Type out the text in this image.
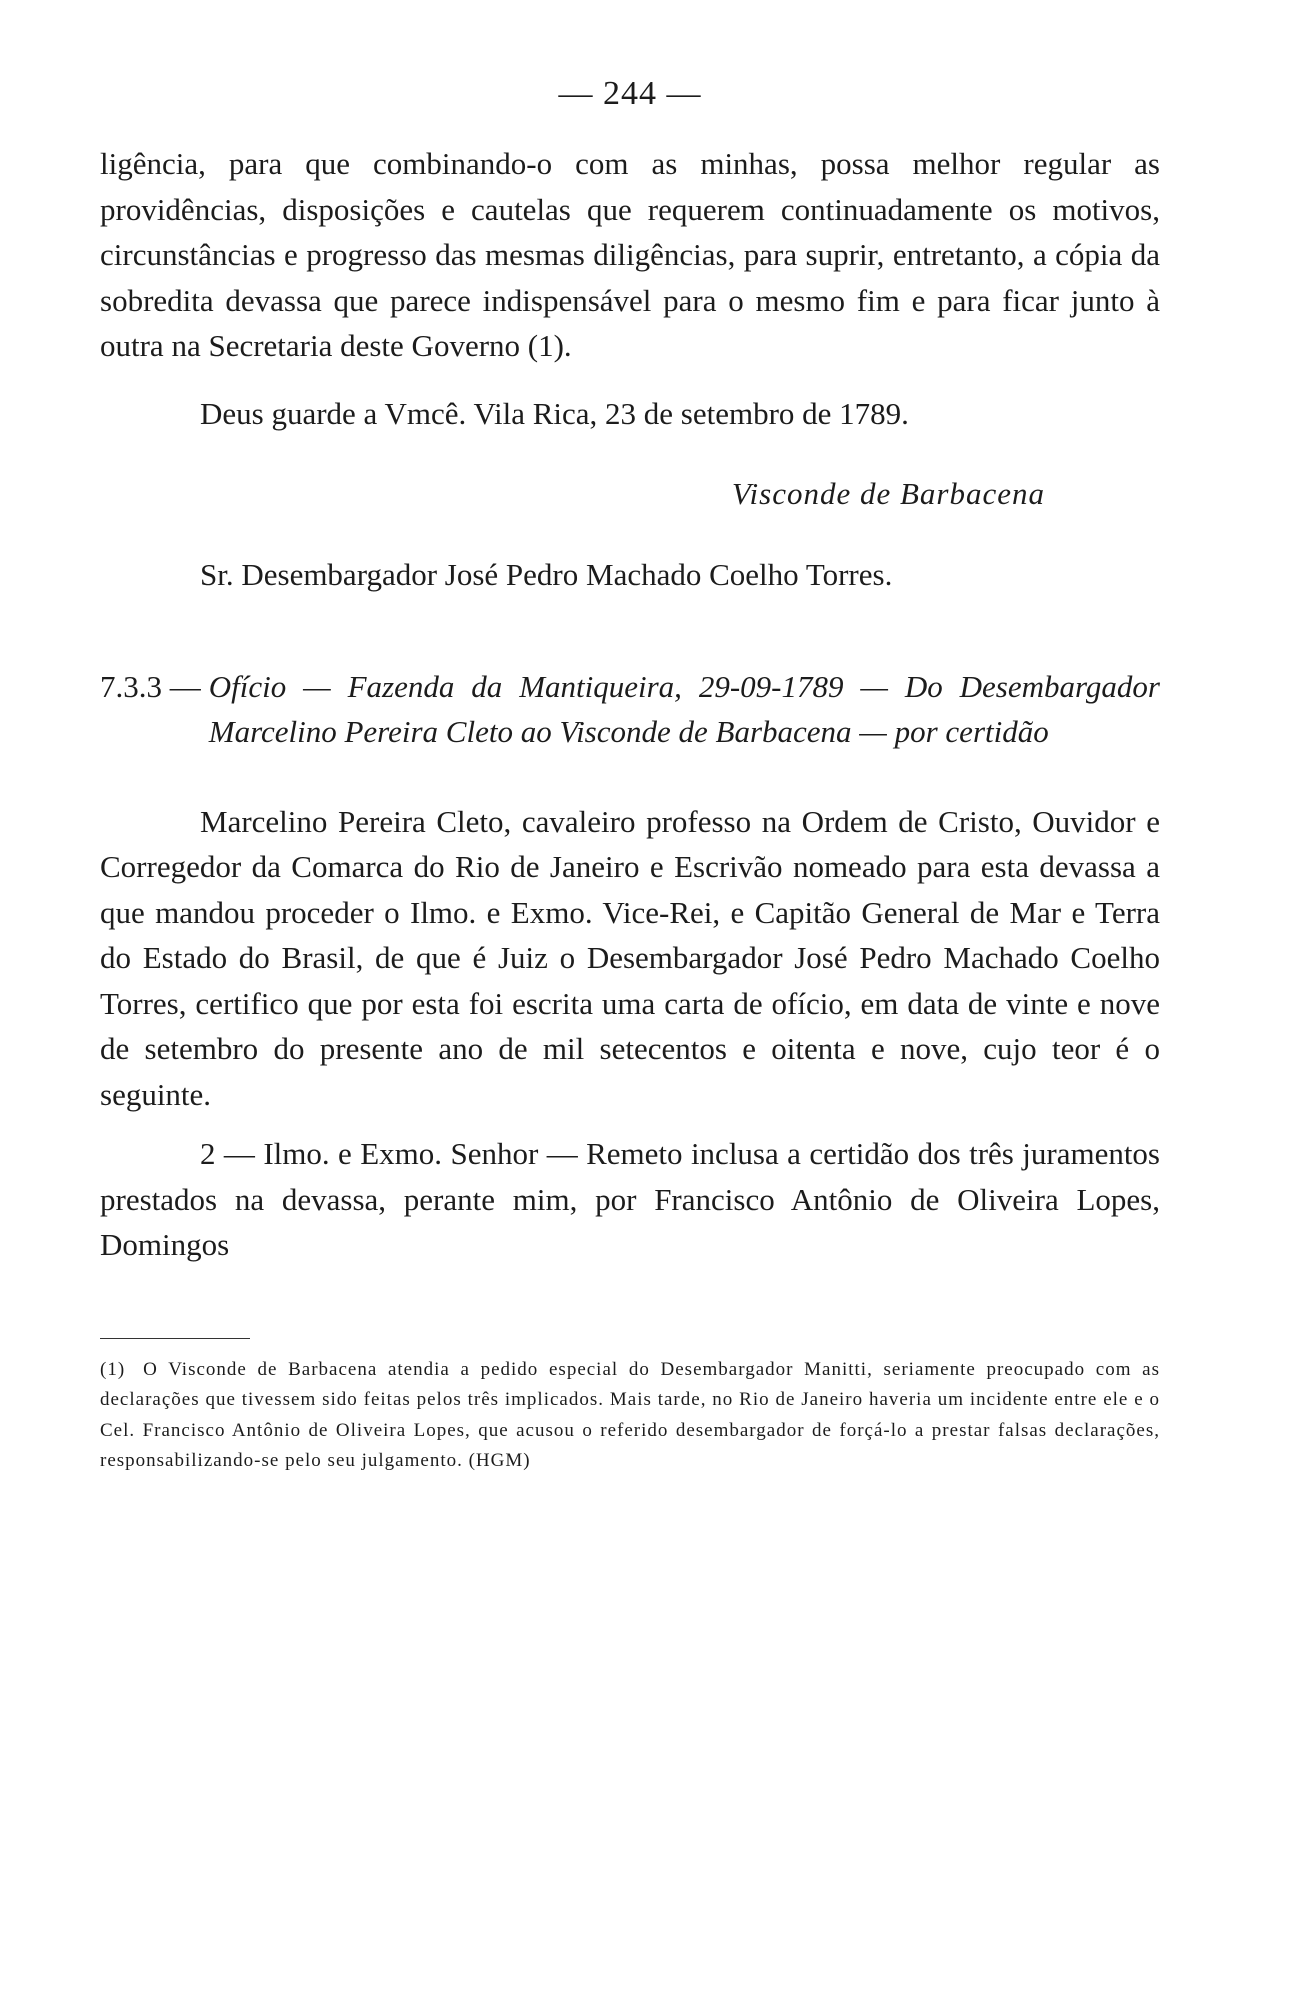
— 244 —

ligência, para que combinando-o com as minhas, possa melhor regular as providências, disposições e cautelas que requerem continuadamente os motivos, circunstâncias e progresso das mesmas diligências, para suprir, entretanto, a cópia da sobredita devassa que parece indispensável para o mesmo fim e para ficar junto à outra na Secretaria deste Governo (1).

Deus guarde a Vmcê. Vila Rica, 23 de setembro de 1789.

Visconde de Barbacena

Sr. Desembargador José Pedro Machado Coelho Torres.

7.3.3 — Ofício — Fazenda da Mantiqueira, 29-09-1789 — Do Desembargador Marcelino Pereira Cleto ao Visconde de Barbacena — por certidão

Marcelino Pereira Cleto, cavaleiro professo na Ordem de Cristo, Ouvidor e Corregedor da Comarca do Rio de Janeiro e Escrivão nomeado para esta devassa a que mandou proceder o Ilmo. e Exmo. Vice-Rei, e Capitão General de Mar e Terra do Estado do Brasil, de que é Juiz o Desembargador José Pedro Machado Coelho Torres, certifico que por esta foi escrita uma carta de ofício, em data de vinte e nove de setembro do presente ano de mil setecentos e oitenta e nove, cujo teor é o seguinte.

2 — Ilmo. e Exmo. Senhor — Remeto inclusa a certidão dos três juramentos prestados na devassa, perante mim, por Francisco Antônio de Oliveira Lopes, Domingos

(1) O Visconde de Barbacena atendia a pedido especial do Desembargador Manitti, seriamente preocupado com as declarações que tivessem sido feitas pelos três implicados. Mais tarde, no Rio de Janeiro haveria um incidente entre ele e o Cel. Francisco Antônio de Oliveira Lopes, que acusou o referido desembargador de forçá-lo a prestar falsas declarações, responsabilizando-se pelo seu julgamento. (HGM)
